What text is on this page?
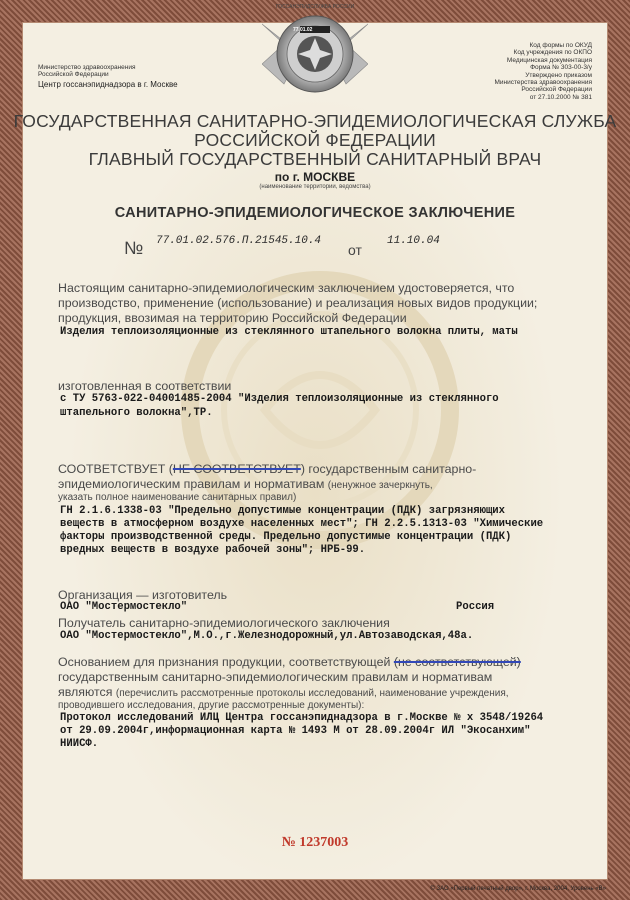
Министерство здравоохранения
Российской Федерации
Центр госсанэпиднадзора в г. Москве
77.01.02
ГОССАНЭПИДСЛУЖБА РОССИИ
Код формы по ОКУД
Код учреждения по ОКПО
Медицинская документация
Форма № 303-00-3/у
Утверждено приказом
Министерства здравоохранения
Российской Федерации
от 27.10.2000 № 381
ГОСУДАРСТВЕННАЯ САНИТАРНО-ЭПИДЕМИОЛОГИЧЕСКАЯ СЛУЖБА
РОССИЙСКОЙ ФЕДЕРАЦИИ
ГЛАВНЫЙ ГОСУДАРСТВЕННЫЙ САНИТАРНЫЙ ВРАЧ
по г. МОСКВЕ
(наименование территории, ведомства)
САНИТАРНО-ЭПИДЕМИОЛОГИЧЕСКОЕ ЗАКЛЮЧЕНИЕ
№ 77.01.02.576.П.21545.10.4
от
11.10.04
Настоящим санитарно-эпидемиологическим заключением удостоверяется, что
производство, применение (использование) и реализация новых видов продукции;
продукция, ввозимая на территорию Российской Федерации
Изделия теплоизоляционные из стеклянного штапельного волокна плиты, маты
изготовленная в соответствии
с ТУ 5763-022-04001485-2004 "Изделия теплоизоляционные из стеклянного
штапельного волокна",ТР.
СООТВЕТСТВУЕТ (НЕ СООТВЕТСТВУЕТ) государственным санитарно-
эпидемиологическим правилам и нормативам (ненужное зачеркнуть,
указать полное наименование санитарных правил)
ГН 2.1.6.1338-03 "Предельно допустимые концентрации (ПДК) загрязняющих
веществ в атмосферном воздухе населенных мест"; ГН 2.2.5.1313-03 "Химические
факторы производственной среды. Предельно допустимые концентрации (ПДК)
вредных веществ в воздухе рабочей зоны"; НРБ-99.
Организация — изготовитель
ОАО "Мостермостекло"	Россия
Получатель санитарно-эпидемиологического заключения
ОАО "Мостермостекло",М.О.,г.Железнодорожный,ул.Автозаводская,48а.
Основанием для признания продукции, соответствующей (не соответствующей)
государственным санитарно-эпидемиологическим правилам и нормативам
являются (перечислить рассмотренные протоколы исследований, наименование учреждения,
проводившего исследования, другие рассмотренные документы):
Протокол исследований ИЛЦ Центра госсанэпиднадзора в г.Москве № х 3548/19264
от 29.09.2004г,информационная карта № 1493 М от 28.09.2004г ИЛ "Экосанхим"
НИИСФ.
№ 1237003
© ЗАО «Первый печатный двор», г. Москва, 2004, Уровень «В»
